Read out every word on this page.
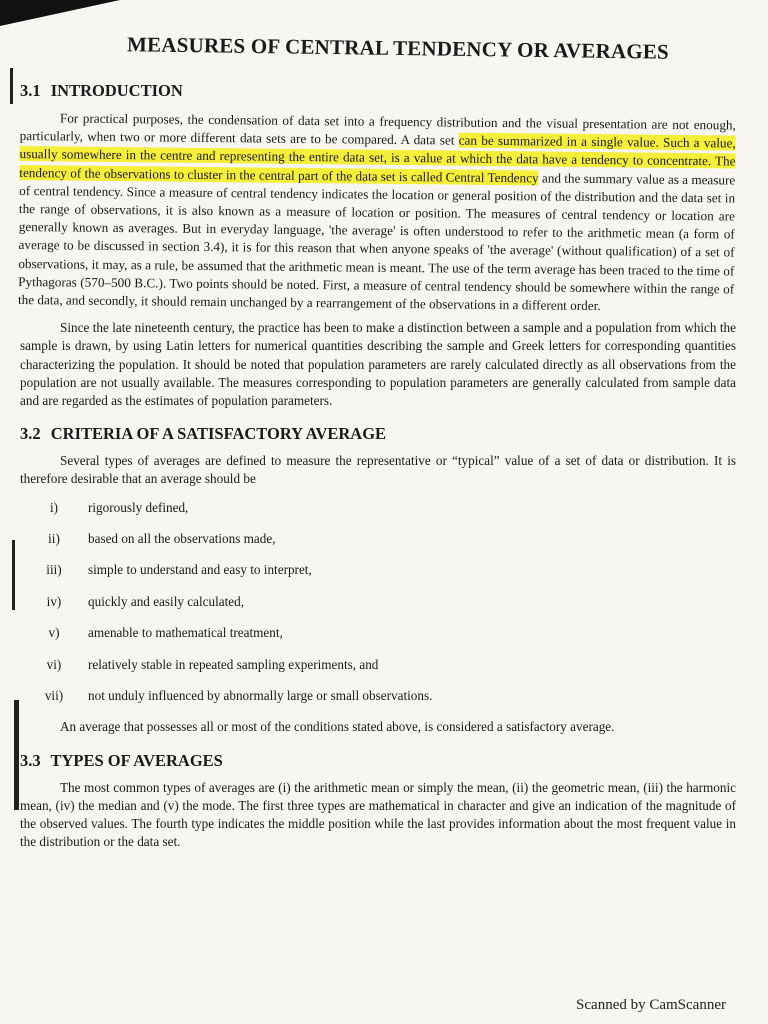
MEASURES OF CENTRAL TENDENCY OR AVERAGES
3.1 INTRODUCTION

For practical purposes, the condensation of data set into a frequency distribution and the visual presentation are not enough, particularly, when two or more different data sets are to be compared. A data set can be summarized in a single value. Such a value, usually somewhere in the centre and representing the entire data set, is a value at which the data have a tendency to concentrate. The tendency of the observations to cluster in the central part of the data set is called Central Tendency and the summary value as a measure of central tendency. Since a measure of central tendency indicates the location or general position of the distribution and the data set in the range of observations, it is also known as a measure of location or position. The measures of central tendency or location are generally known as averages. But in everyday language, 'the average' is often understood to refer to the arithmetic mean (a form of average to be discussed in section 3.4), it is for this reason that when anyone speaks of 'the average' (without qualification) of a set of observations, it may, as a rule, be assumed that the arithmetic mean is meant. The use of the term average has been traced to the time of Pythagoras (570–500 B.C.). Two points should be noted. First, a measure of central tendency should be somewhere within the range of the data, and secondly, it should remain unchanged by a rearrangement of the observations in a different order.

Since the late nineteenth century, the practice has been to make a distinction between a sample and a population from which the sample is drawn, by using Latin letters for numerical quantities describing the sample and Greek letters for corresponding quantities characterizing the population. It should be noted that population parameters are rarely calculated directly as all observations from the population are not usually available. The measures corresponding to population parameters are generally calculated from sample data and are regarded as the estimates of population parameters.

3.2 CRITERIA OF A SATISFACTORY AVERAGE

Several types of averages are defined to measure the representative or “typical” value of a set of data or distribution. It is therefore desirable that an average should be

i)	rigorously defined,
ii)	based on all the observations made,
iii)	simple to understand and easy to interpret,
iv)	quickly and easily calculated,
v)	amenable to mathematical treatment,
vi)	relatively stable in repeated sampling experiments, and
vii)	not unduly influenced by abnormally large or small observations.

An average that possesses all or most of the conditions stated above, is considered a satisfactory average.

3.3 TYPES OF AVERAGES

The most common types of averages are (i) the arithmetic mean or simply the mean, (ii) the geometric mean, (iii) the harmonic mean, (iv) the median and (v) the mode. The first three types are mathematical in character and give an indication of the magnitude of the observed values. The fourth type indicates the middle position while the last provides information about the most frequent value in the distribution or the data set.

Scanned by CamScanner
